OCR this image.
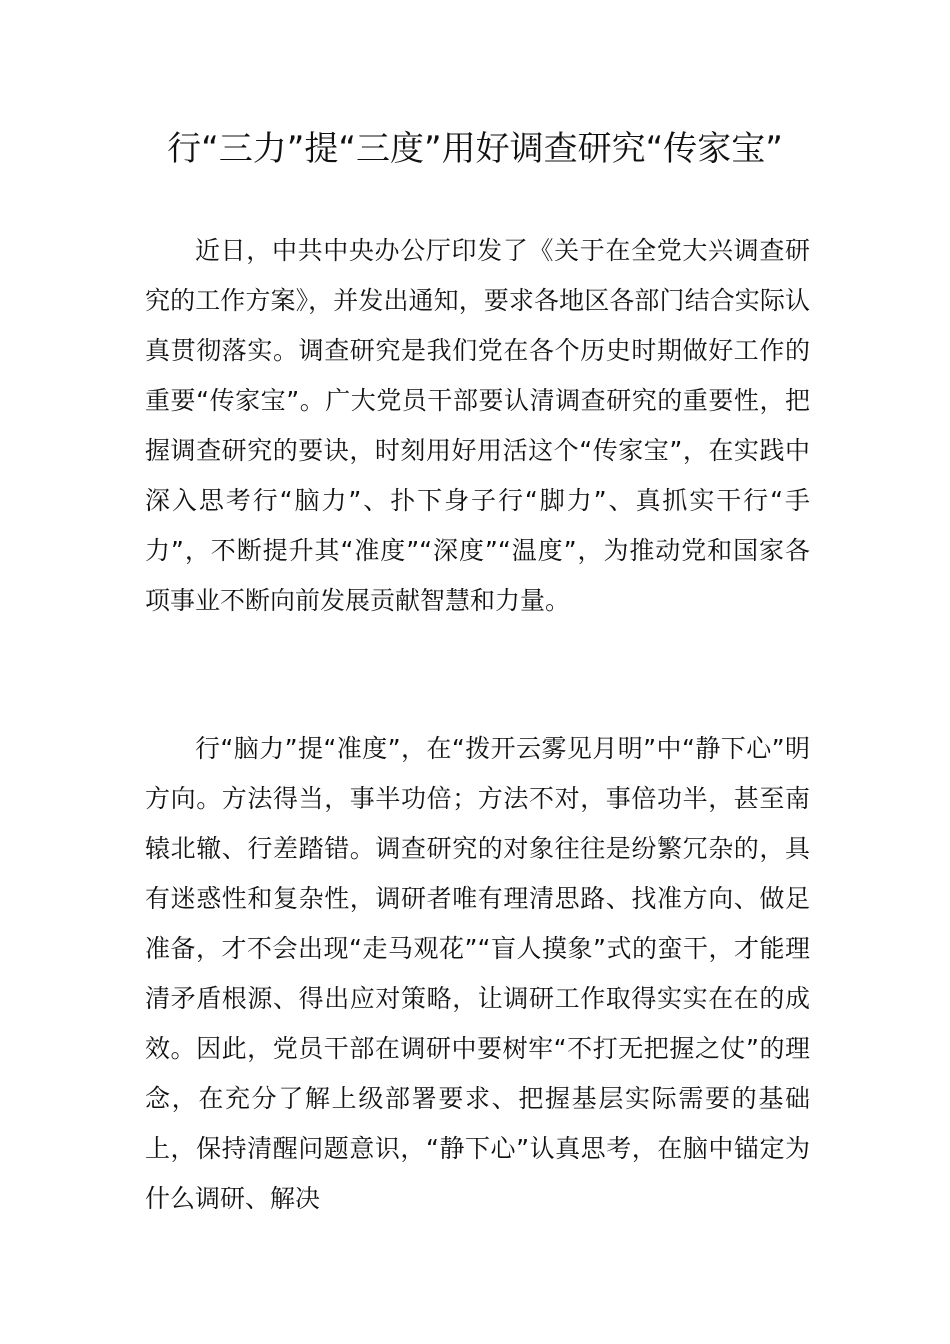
行“三力”提“三度”用好调查研究“传家宝”

近日，中共中央办公厅印发了《关于在全党大兴调查研究的工作方案》，并发出通知，要求各地区各部门结合实际认真贯彻落实。调查研究是我们党在各个历史时期做好工作的重要“传家宝”。广大党员干部要认清调查研究的重要性，把握调查研究的要诀，时刻用好用活这个“传家宝”，在实践中深入思考行“脑力”、扑下身子行“脚力”、真抓实干行“手力”，不断提升其“准度”“深度”“温度”，为推动党和国家各项事业不断向前发展贡献智慧和力量。

行“脑力”提“准度”，在“拨开云雾见月明”中“静下心”明方向。方法得当，事半功倍；方法不对，事倍功半，甚至南辕北辙、行差踏错。调查研究的对象往往是纷繁冗杂的，具有迷惑性和复杂性，调研者唯有理清思路、找准方向、做足准备，才不会出现“走马观花”“盲人摸象”式的蛮干，才能理清矛盾根源、得出应对策略，让调研工作取得实实在在的成效。因此，党员干部在调研中要树牢“不打无把握之仗”的理念，在充分了解上级部署要求、把握基层实际需要的基础上，保持清醒问题意识，“静下心”认真思考，在脑中锚定为什么调研、解决
